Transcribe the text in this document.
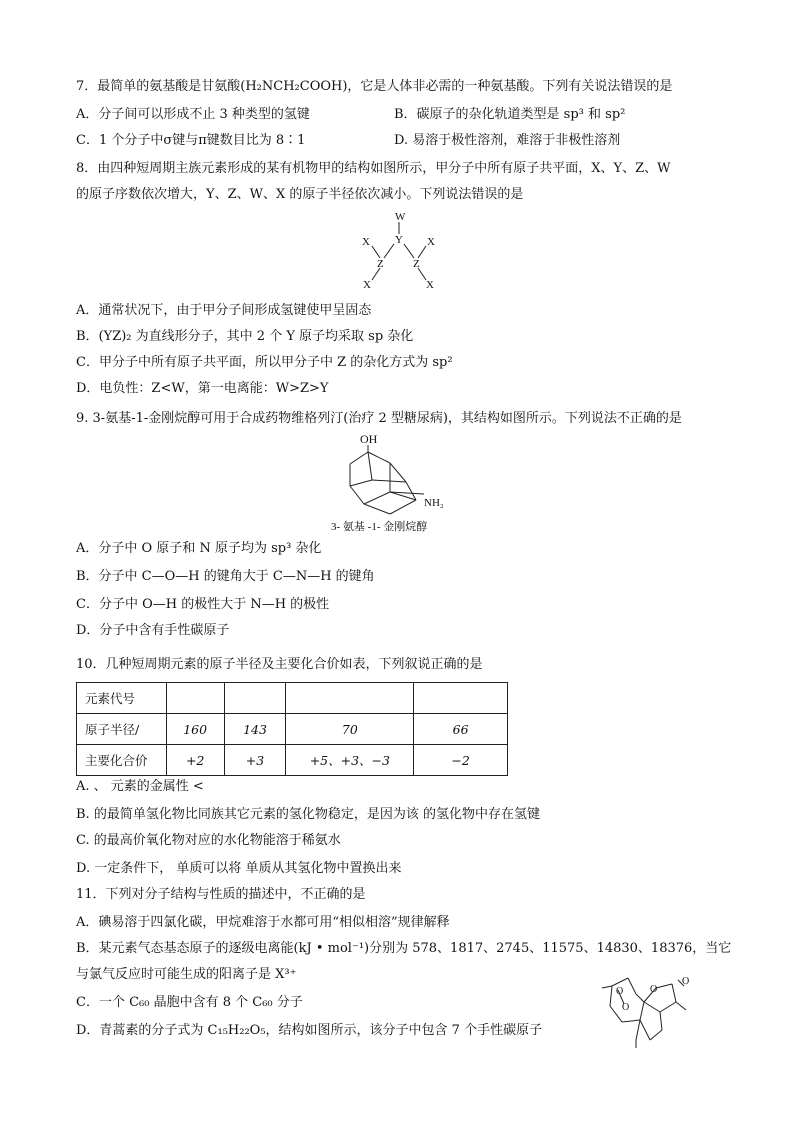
7．最简单的氨基酸是甘氨酸(H₂NCH₂COOH)，它是人体非必需的一种氨基酸。下列有关说法错误的是
A．分子间可以形成不止 3 种类型的氢键	B．碳原子的杂化轨道类型是 sp³ 和 sp²
C．1 个分子中σ键与π键数目比为 8∶1	D. 易溶于极性溶剂，难溶于非极性溶剂
8．由四种短周期主族元素形成的某有机物甲的结构如图所示，甲分子中所有原子共平面，X、Y、Z、W
的原子序数依次增大，Y、Z、W、X 的原子半径依次减小。下列说法错误的是
W
Y
X	X
Z	Z
X	X
A．通常状况下，由于甲分子间形成氢键使甲呈固态
B．(YZ)₂ 为直线形分子，其中 2 个 Y 原子均采取 sp 杂化
C．甲分子中所有原子共平面，所以甲分子中 Z 的杂化方式为 sp²
D．电负性：Z<W，第一电离能：W>Z>Y
9. 3-氨基-1-金刚烷醇可用于合成药物维格列汀(治疗 2 型糖尿病)，其结构如图所示。下列说法不正确的是
OH
NH₂
3- 氨基 -1- 金刚烷醇
A．分子中 O 原子和 N 原子均为 sp³ 杂化
B．分子中 C—O—H 的键角大于 C—N—H 的键角
C．分子中 O—H 的极性大于 N—H 的极性
D．分子中含有手性碳原子
10．几种短周期元素的原子半径及主要化合价如表，下列叙说正确的是
元素代号				
原子半径/	160	143	70	66
主要化合价	+2	+3	+5、+3、−3	−2
A. 、 元素的金属性 <
B. 的最简单氢化物比同族其它元素的氢化物稳定，是因为该 的氢化物中存在氢键
C. 的最高价氧化物对应的水化物能溶于稀氨水
D. 一定条件下， 单质可以将 单质从其氢化物中置换出来
11．下列对分子结构与性质的描述中，不正确的是
A．碘易溶于四氯化碳，甲烷难溶于水都可用“相似相溶”规律解释
B．某元素气态基态原子的逐级电离能(kJ • mol⁻¹)分别为 578、1817、2745、11575、14830、18376，当它
与氯气反应时可能生成的阳离子是 X³⁺
C．一个 C₆₀ 晶胞中含有 8 个 C₆₀ 分子
D．青蒿素的分子式为 C₁₅H₂₂O₅，结构如图所示，该分子中包含 7 个手性碳原子
O
O
O
O
